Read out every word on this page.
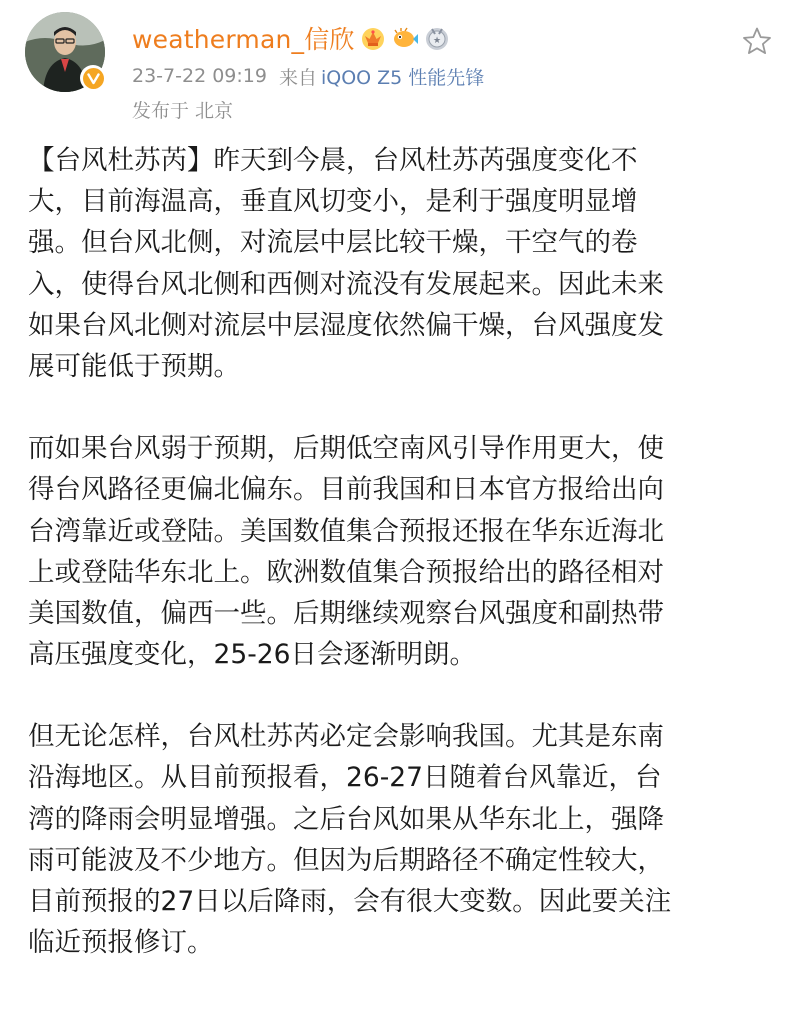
weatherman_信欣	★
23-7-22 09:19 来自 iQOO Z5 性能先锋
发布于 北京
【台风杜苏芮】昨天到今晨，台风杜苏芮强度变化不
大，目前海温高，垂直风切变小，是利于强度明显增
强。但台风北侧，对流层中层比较干燥，干空气的卷
入，使得台风北侧和西侧对流没有发展起来。因此未来
如果台风北侧对流层中层湿度依然偏干燥，台风强度发
展可能低于预期。
而如果台风弱于预期，后期低空南风引导作用更大，使
得台风路径更偏北偏东。目前我国和日本官方报给出向
台湾靠近或登陆。美国数值集合预报还报在华东近海北
上或登陆华东北上。欧洲数值集合预报给出的路径相对
美国数值，偏西一些。后期继续观察台风强度和副热带
高压强度变化，25-26日会逐渐明朗。
但无论怎样，台风杜苏芮必定会影响我国。尤其是东南
沿海地区。从目前预报看，26-27日随着台风靠近，台
湾的降雨会明显增强。之后台风如果从华东北上，强降
雨可能波及不少地方。但因为后期路径不确定性较大，
目前预报的27日以后降雨，会有很大变数。因此要关注
临近预报修订。
